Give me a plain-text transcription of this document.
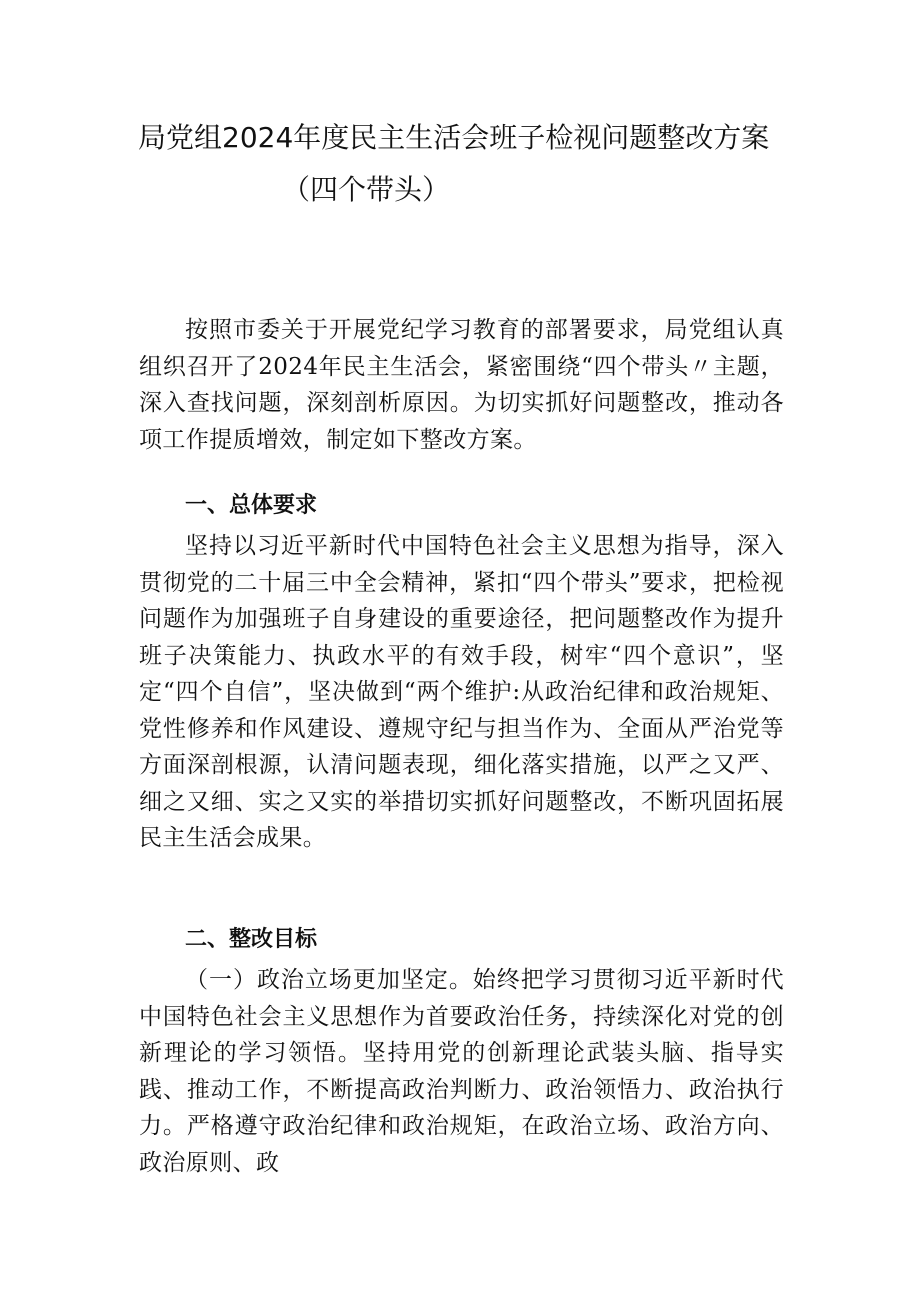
局党组2024年度民主生活会班子检视问题整改方案
（四个带头）

按照市委关于开展党纪学习教育的部署要求，局党组认真组织召开了2024年民主生活会，紧密围绕“四个带头〃主题，深入查找问题，深刻剖析原因。为切实抓好问题整改，推动各项工作提质增效，制定如下整改方案。

一、总体要求

坚持以习近平新时代中国特色社会主义思想为指导，深入贯彻党的二十届三中全会精神，紧扣“四个带头”要求，把检视问题作为加强班子自身建设的重要途径，把问题整改作为提升班子决策能力、执政水平的有效手段，树牢“四个意识”，坚定“四个自信”，坚决做到“两个维护:从政治纪律和政治规矩、党性修养和作风建设、遵规守纪与担当作为、全面从严治党等方面深剖根源，认清问题表现，细化落实措施，以严之又严、细之又细、实之又实的举措切实抓好问题整改，不断巩固拓展民主生活会成果。

二、整改目标

（一）政治立场更加坚定。始终把学习贯彻习近平新时代中国特色社会主义思想作为首要政治任务，持续深化对党的创新理论的学习领悟。坚持用党的创新理论武装头脑、指导实践、推动工作，不断提高政治判断力、政治领悟力、政治执行力。严格遵守政治纪律和政治规矩，在政治立场、政治方向、政治原则、政
